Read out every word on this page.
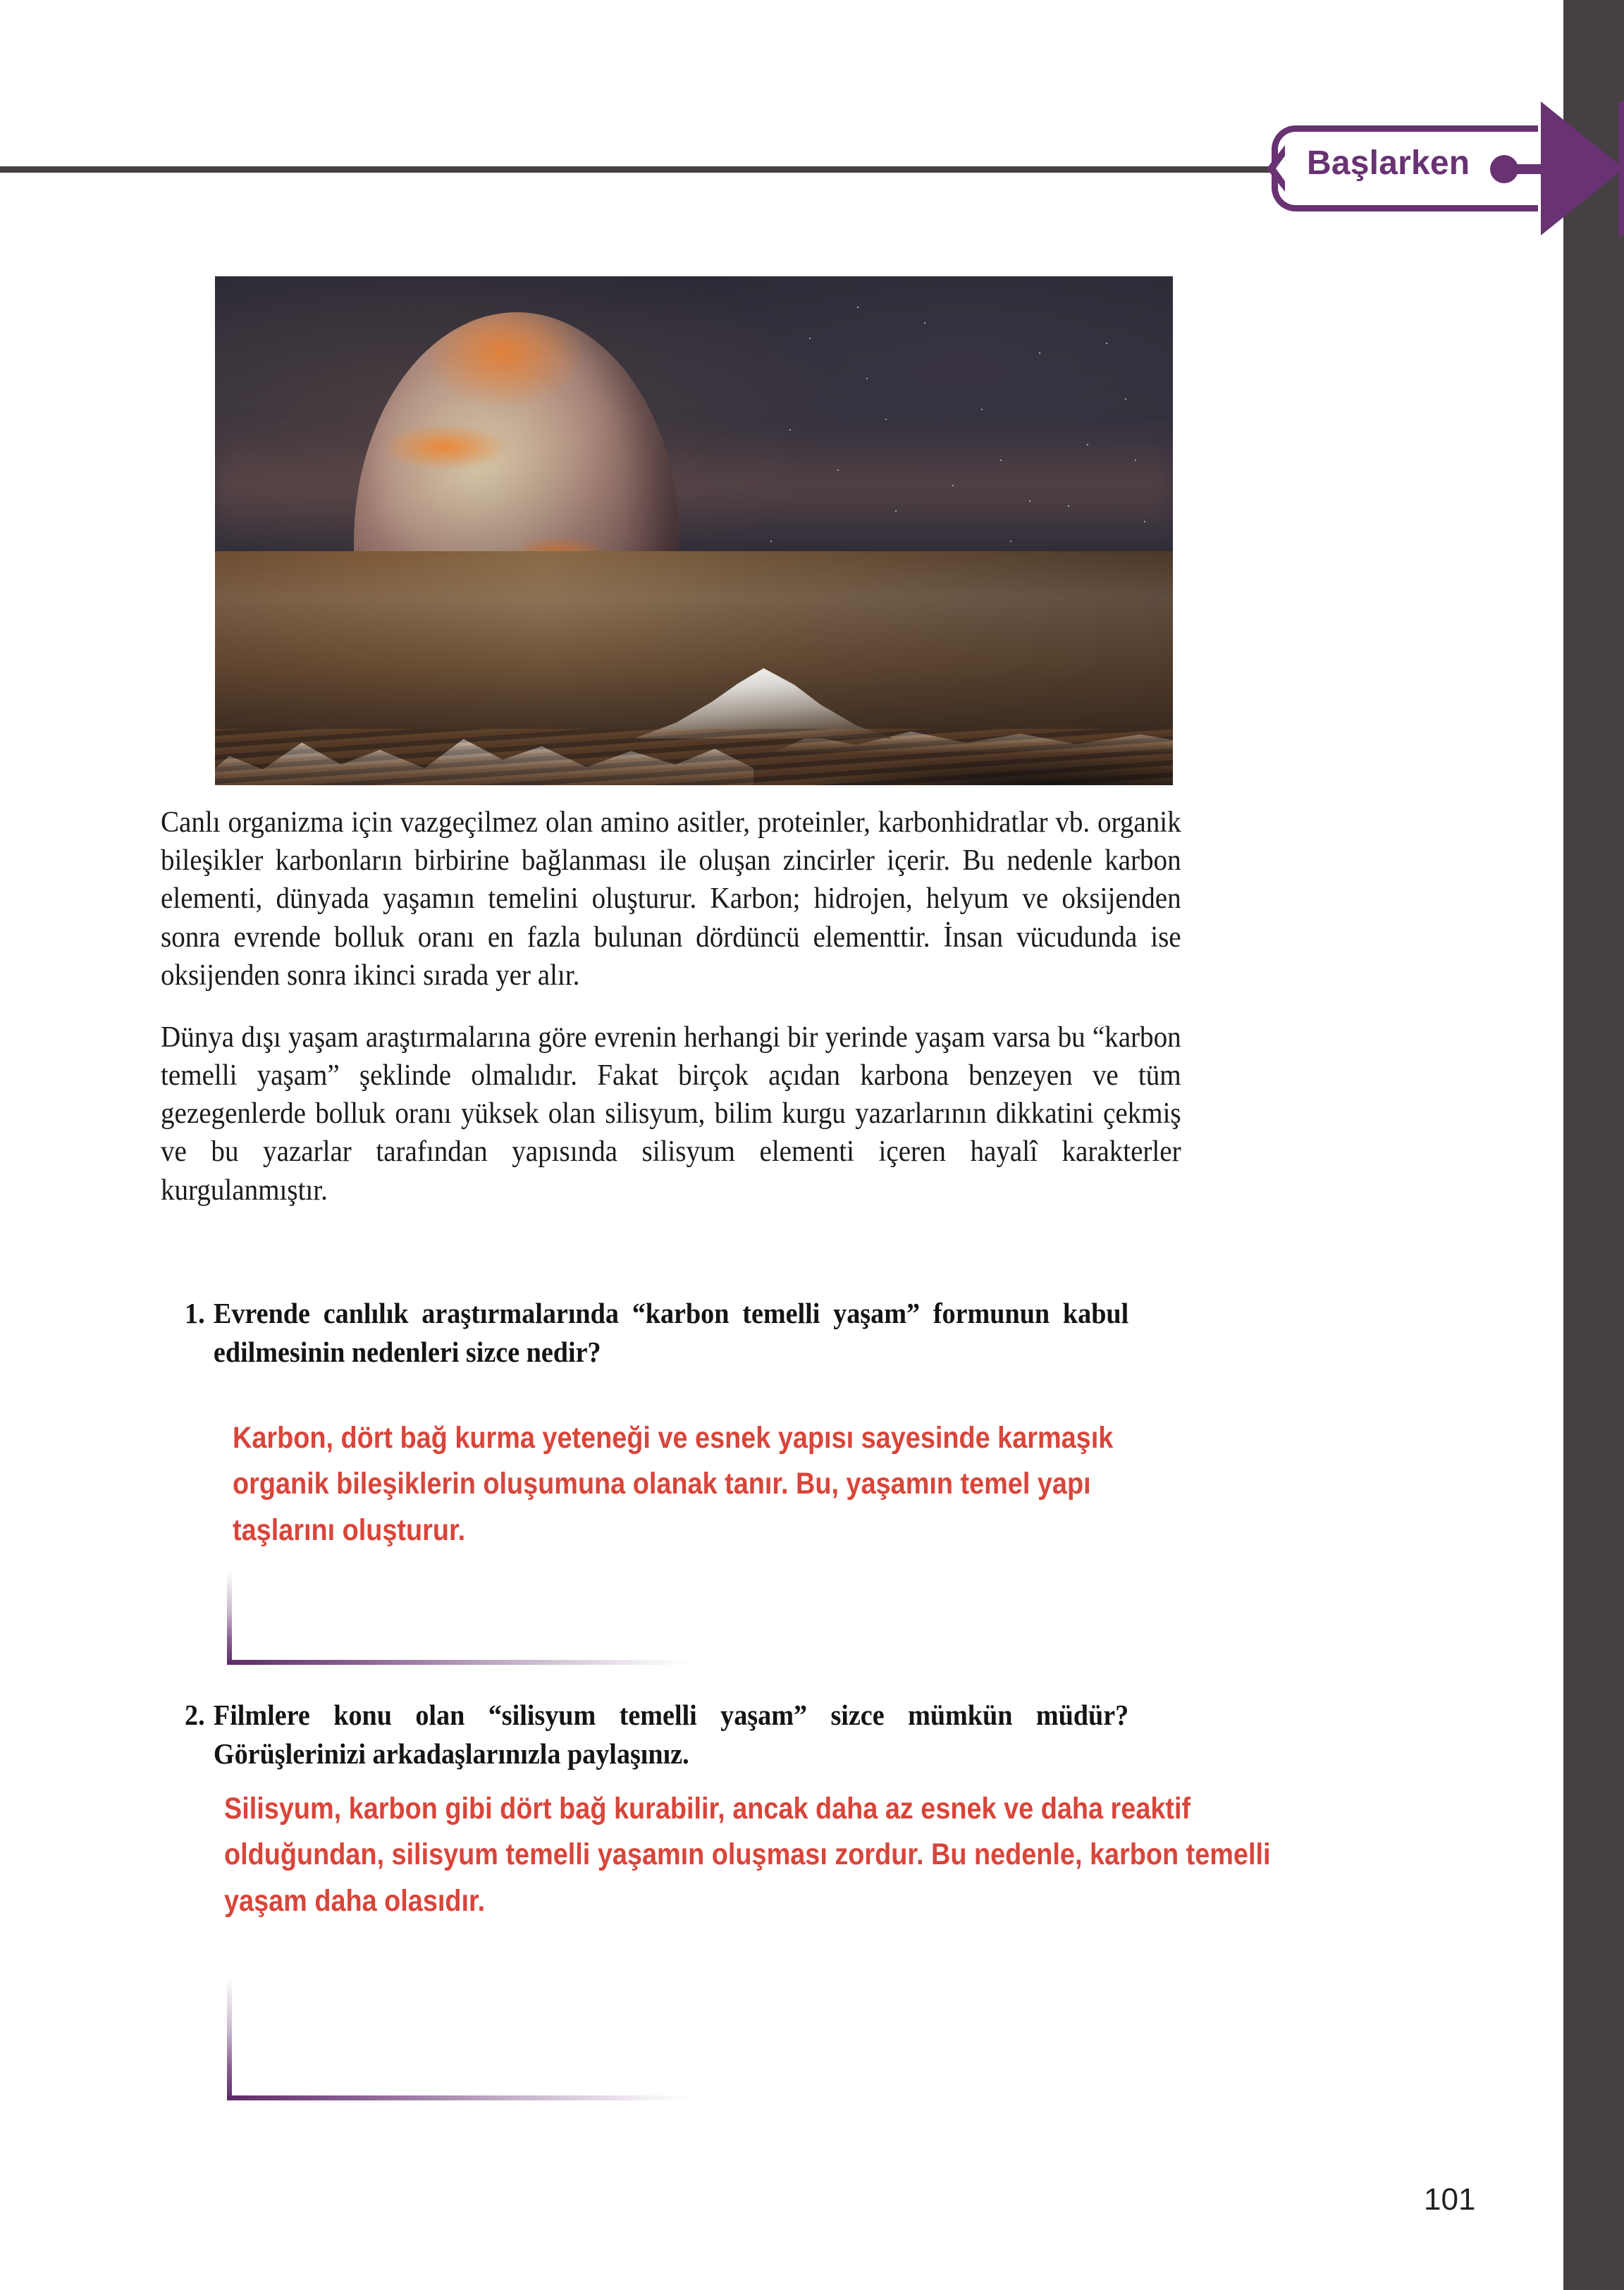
Başlarken

Canlı organizma için vazgeçilmez olan amino asitler, proteinler, karbonhidratlar vb. organik bileşikler karbonların birbirine bağlanması ile oluşan zincirler içerir. Bu nedenle karbon elementi, dünyada yaşamın temelini oluşturur. Karbon; hidrojen, helyum ve oksijenden sonra evrende bolluk oranı en fazla bulunan dördüncü elementtir. İnsan vücudunda ise oksijenden sonra ikinci sırada yer alır.

Dünya dışı yaşam araştırmalarına göre evrenin herhangi bir yerinde yaşam varsa bu “karbon temelli yaşam” şeklinde olmalıdır. Fakat birçok açıdan karbona benzeyen ve tüm gezegenlerde bolluk oranı yüksek olan silisyum, bilim kurgu yazarlarının dikkatini çekmiş ve bu yazarlar tarafından yapısında silisyum elementi içeren hayalî karakterler kurgulanmıştır.

1. Evrende canlılık araştırmalarında “karbon temelli yaşam” formunun kabul edilmesinin nedenleri sizce nedir?
Karbon, dört bağ kurma yeteneği ve esnek yapısı sayesinde karmaşık organik bileşiklerin oluşumuna olanak tanır. Bu, yaşamın temel yapı taşlarını oluşturur.
2. Filmlere konu olan “silisyum temelli yaşam” sizce mümkün müdür? Görüşlerinizi arkadaşlarınızla paylaşınız.
Silisyum, karbon gibi dört bağ kurabilir, ancak daha az esnek ve daha reaktif olduğundan, silisyum temelli yaşamın oluşması zordur. Bu nedenle, karbon temelli yaşam daha olasıdır.
101
